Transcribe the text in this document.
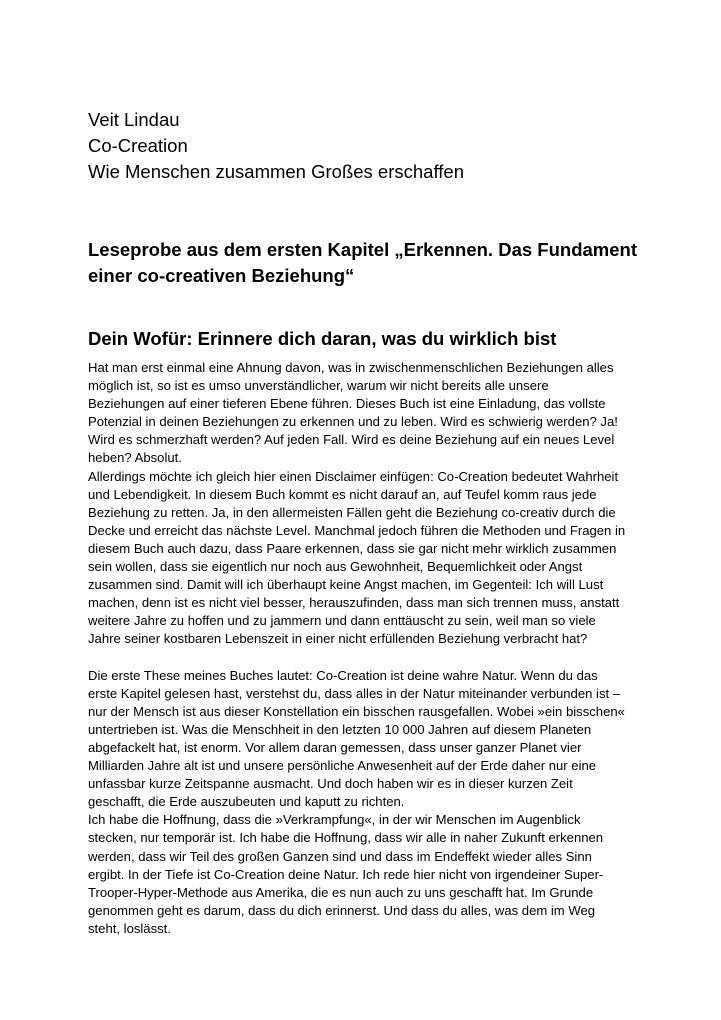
Veit Lindau

Co-Creation

Wie Menschen zusammen Großes erschaffen

Leseprobe aus dem ersten Kapitel „Erkennen. Das Fundament
einer co-creativen Beziehung“
Dein Wofür: Erinnere dich daran, was du wirklich bist
Hat man erst einmal eine Ahnung davon, was in zwischenmenschlichen Beziehungen alles
möglich ist, so ist es umso unverständlicher, warum wir nicht bereits alle unsere
Beziehungen auf einer tieferen Ebene führen. Dieses Buch ist eine Einladung, das vollste
Potenzial in deinen Beziehungen zu erkennen und zu leben. Wird es schwierig werden? Ja!
Wird es schmerzhaft werden? Auf jeden Fall. Wird es deine Beziehung auf ein neues Level
heben? Absolut.
Allerdings möchte ich gleich hier einen Disclaimer einfügen: Co-Creation bedeutet Wahrheit
und Lebendigkeit. In diesem Buch kommt es nicht darauf an, auf Teufel komm raus jede
Beziehung zu retten. Ja, in den allermeisten Fällen geht die Beziehung co-creativ durch die
Decke und erreicht das nächste Level. Manchmal jedoch führen die Methoden und Fragen in
diesem Buch auch dazu, dass Paare erkennen, dass sie gar nicht mehr wirklich zusammen
sein wollen, dass sie eigentlich nur noch aus Gewohnheit, Bequemlichkeit oder Angst
zusammen sind. Damit will ich überhaupt keine Angst machen, im Gegenteil: Ich will Lust
machen, denn ist es nicht viel besser, herauszufinden, dass man sich trennen muss, anstatt
weitere Jahre zu hoffen und zu jammern und dann enttäuscht zu sein, weil man so viele
Jahre seiner kostbaren Lebenszeit in einer nicht erfüllenden Beziehung verbracht hat?
Die erste These meines Buches lautet: Co-Creation ist deine wahre Natur. Wenn du das
erste Kapitel gelesen hast, verstehst du, dass alles in der Natur miteinander verbunden ist –
nur der Mensch ist aus dieser Konstellation ein bisschen rausgefallen. Wobei »ein bisschen«
untertrieben ist. Was die Menschheit in den letzten 10 000 Jahren auf diesem Planeten
abgefackelt hat, ist enorm. Vor allem daran gemessen, dass unser ganzer Planet vier
Milliarden Jahre alt ist und unsere persönliche Anwesenheit auf der Erde daher nur eine
unfassbar kurze Zeitspanne ausmacht. Und doch haben wir es in dieser kurzen Zeit
geschafft, die Erde auszubeuten und kaputt zu richten.
Ich habe die Hoffnung, dass die »Verkrampfung«, in der wir Menschen im Augenblick
stecken, nur temporär ist. Ich habe die Hoffnung, dass wir alle in naher Zukunft erkennen
werden, dass wir Teil des großen Ganzen sind und dass im Endeffekt wieder alles Sinn
ergibt. In der Tiefe ist Co-Creation deine Natur. Ich rede hier nicht von irgendeiner Super-
Trooper-Hyper-Methode aus Amerika, die es nun auch zu uns geschafft hat. Im Grunde
genommen geht es darum, dass du dich erinnerst. Und dass du alles, was dem im Weg
steht, loslässt.
